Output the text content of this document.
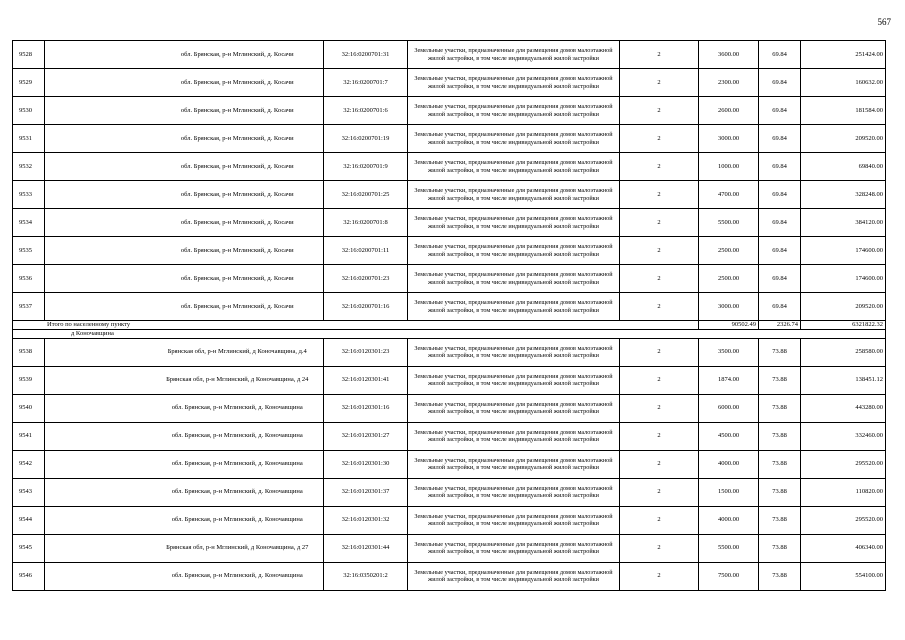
567
9528		обл. Брянская, р-н Мглинский, д. Косачи	32:16:0200701:31	Земельные участки, предназначенные для размещения домов малоэтажной жилой застройки, в том числе индивидуальной жилой застройки	2	3600.00	69.84	251424.00
9529		обл. Брянская, р-н Мглинский, д. Косачи	32:16:0200701:7	Земельные участки, предназначенные для размещения домов малоэтажной жилой застройки, в том числе индивидуальной жилой застройки	2	2300.00	69.84	160632.00
9530		обл. Брянская, р-н Мглинский, д. Косачи	32:16:0200701:6	Земельные участки, предназначенные для размещения домов малоэтажной жилой застройки, в том числе индивидуальной жилой застройки	2	2600.00	69.84	181584.00
9531		обл. Брянская, р-н Мглинский, д. Косачи	32:16:0200701:19	Земельные участки, предназначенные для размещения домов малоэтажной жилой застройки, в том числе индивидуальной жилой застройки	2	3000.00	69.84	209520.00
9532		обл. Брянская, р-н Мглинский, д. Косачи	32:16:0200701:9	Земельные участки, предназначенные для размещения домов малоэтажной жилой застройки, в том числе индивидуальной жилой застройки	2	1000.00	69.84	69840.00
9533		обл. Брянская, р-н Мглинский, д. Косачи	32:16:0200701:25	Земельные участки, предназначенные для размещения домов малоэтажной жилой застройки, в том числе индивидуальной жилой застройки	2	4700.00	69.84	328248.00
9534		обл. Брянская, р-н Мглинский, д. Косачи	32:16:0200701:8	Земельные участки, предназначенные для размещения домов малоэтажной жилой застройки, в том числе индивидуальной жилой застройки	2	5500.00	69.84	384120.00
9535		обл. Брянская, р-н Мглинский, д. Косачи	32:16:0200701:11	Земельные участки, предназначенные для размещения домов малоэтажной жилой застройки, в том числе индивидуальной жилой застройки	2	2500.00	69.84	174600.00
9536		обл. Брянская, р-н Мглинский, д. Косачи	32:16:0200701:23	Земельные участки, предназначенные для размещения домов малоэтажной жилой застройки, в том числе индивидуальной жилой застройки	2	2500.00	69.84	174600.00
9537		обл. Брянская, р-н Мглинский, д. Косачи	32:16:0200701:16	Земельные участки, предназначенные для размещения домов малоэтажной жилой застройки, в том числе индивидуальной жилой застройки	2	3000.00	69.84	209520.00
Итого по населенному пункту						90502.49	2326.74	6321822.32
д Коночавщина								
9538		Брянская обл, р-н Мглинский, д Коночавщина, д.4	32:16:0120301:23	Земельные участки, предназначенные для размещения домов малоэтажной жилой застройки, в том числе индивидуальной жилой застройки	2	3500.00	73.88	258580.00
9539		Брянская обл, р-н Мглинский, д Коночавщина, д 24	32:16:0120301:41	Земельные участки, предназначенные для размещения домов малоэтажной жилой застройки, в том числе индивидуальной жилой застройки	2	1874.00	73.88	138451.12
9540		обл. Брянская, р-н Мглинский, д. Коночавщина	32:16:0120301:16	Земельные участки, предназначенные для размещения домов малоэтажной жилой застройки, в том числе индивидуальной жилой застройки	2	6000.00	73.88	443280.00
9541		обл. Брянская, р-н Мглинский, д. Коночавщина	32:16:0120301:27	Земельные участки, предназначенные для размещения домов малоэтажной жилой застройки, в том числе индивидуальной жилой застройки	2	4500.00	73.88	332460.00
9542		обл. Брянская, р-н Мглинский, д. Коночавщина	32:16:0120301:30	Земельные участки, предназначенные для размещения домов малоэтажной жилой застройки, в том числе индивидуальной жилой застройки	2	4000.00	73.88	295520.00
9543		обл. Брянская, р-н Мглинский, д. Коночавщина	32:16:0120301:37	Земельные участки, предназначенные для размещения домов малоэтажной жилой застройки, в том числе индивидуальной жилой застройки	2	1500.00	73.88	110820.00
9544		обл. Брянская, р-н Мглинский, д. Коночавщина	32:16:0120301:32	Земельные участки, предназначенные для размещения домов малоэтажной жилой застройки, в том числе индивидуальной жилой застройки	2	4000.00	73.88	295520.00
9545		Брянская обл, р-н Мглинский, д Коночавщина, д 27	32:16:0120301:44	Земельные участки, предназначенные для размещения домов малоэтажной жилой застройки, в том числе индивидуальной жилой застройки	2	5500.00	73.88	406340.00
9546		обл. Брянская, р-н Мглинский, д. Коночавщина	32:16:0350201:2	Земельные участки, предназначенные для размещения домов малоэтажной жилой застройки, в том числе индивидуальной жилой застройки	2	7500.00	73.88	554100.00
